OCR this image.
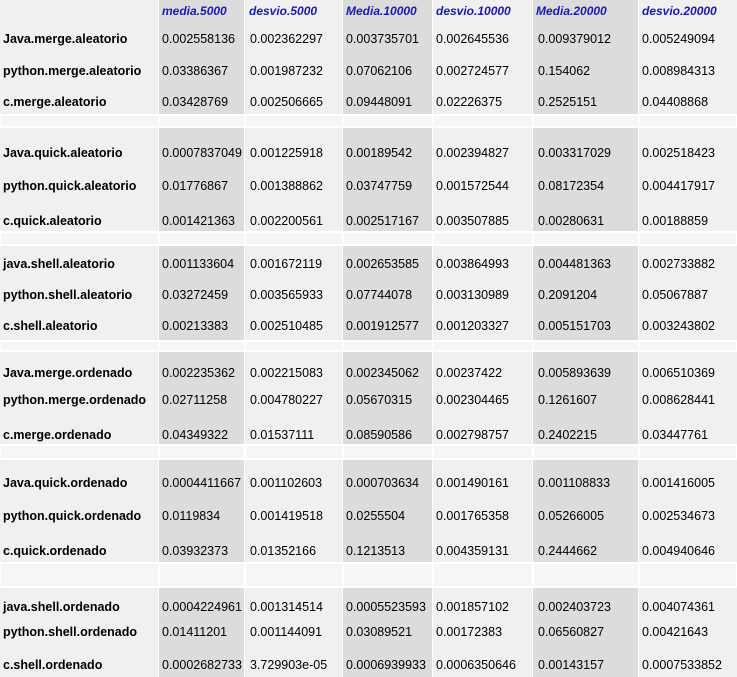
media.5000 desvio.5000 Media.10000 desvio.10000 Media.20000	desvio.20000
Java.merge.aleatorio	0.002558136 0.002362297 0.003735701 0.002645536 0.009379012 0.005249094
python.merge.aleatorio 0.03386367 0.001987232 0.07062106 0.002724577 0.154062	0.008984313
c.merge.aleatorio	0.03428769 0.002506665 0.09448091 0.02226375	0.2525151	0.04408868
Java.quick.aleatorio	0.0007837049 0.001225918 0.00189542 0.002394827 0.003317029 0.002518423
python.quick.aleatorio 0.01776867 0.001388862 0.03747759 0.001572544 0.08172354	0.004417917
c.quick.aleatorio	0.001421363 0.002200561 0.002517167 0.003507885 0.00280631	0.00188859
java.shell.aleatorio	0.001133604 0.001672119 0.002653585 0.003864993 0.004481363 0.002733882
python.shell.aleatorio 0.03272459 0.003565933 0.07744078 0.003130989 0.2091204	0.05067887
c.shell.aleatorio	0.00213383 0.002510485 0.001912577 0.001203327 0.005151703 0.003243802
Java.merge.ordenado 0.002235362 0.002215083 0.002345062 0.00237422	0.005893639 0.006510369
python.merge.ordenado 0.02711258 0.004780227 0.05670315 0.002304465 0.1261607	0.008628441
c.merge.ordenado	0.04349322 0.01537111	0.08590586 0.002798757 0.2402215	0.03447761
Java.quick.ordenado	0.0004411667 0.001102603 0.000703634 0.001490161 0.001108833	0.001416005
python.quick.ordenado 0.0119834 0.001419518 0.0255504 0.001765358 0.05266005	0.002534673
c.quick.ordenado	0.03932373 0.01352166 0.1213513 0.004359131 0.2444662	0.004940646
java.shell.ordenado	0.0004224961 0.001314514 0.0005523593 0.001857102 0.002403723 0.004074361
python.shell.ordenado 0.01411201 0.001144091 0.03089521 0.00172383	0.06560827	0.00421643
c.shell.ordenado	0.0002682733 3.729903e-05 0.0006939933 0.0006350646 0.00143157	0.0007533852
